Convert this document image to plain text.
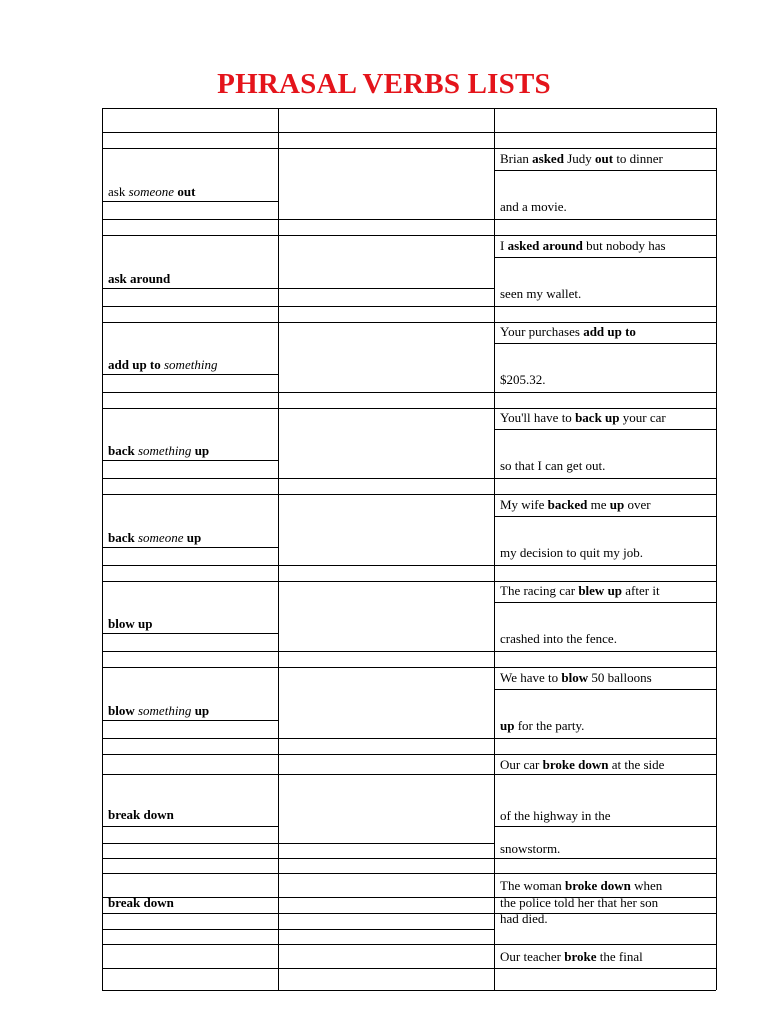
PHRASAL VERBS LISTS
ask someone out
Brian asked Judy out to dinner
and a movie.
ask around
I asked around but nobody has
seen my wallet.
add up to something
Your purchases add up to
$205.32.
back something up
You'll have to back up your car
so that I can get out.
back someone up
My wife backed me up over
my decision to quit my job.
blow up
The racing car blew up after it
crashed into the fence.
blow something up
We have to blow 50 balloons
up for the party.
break down
Our car broke down at the side
of the highway in the
snowstorm.
break down
The woman broke down when
the police told her that her son
had died.
Our teacher broke the final
